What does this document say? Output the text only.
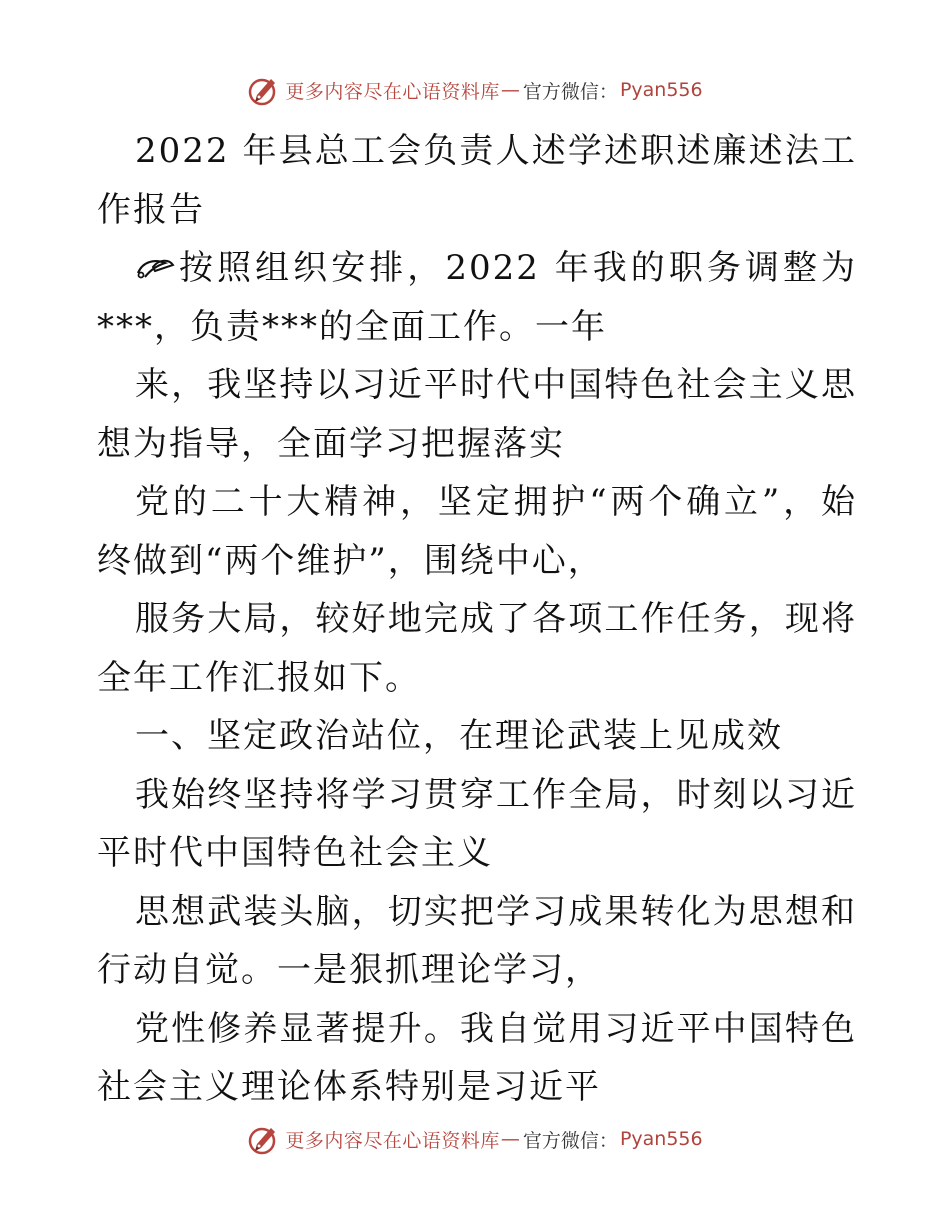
更多内容尽在心语资料库 — 官方微信： Pyan556

2022 年县总工会负责人述学述职述廉述法工作报告

按照组织安排，2022 年我的职务调整为***，负责***的全面工作。一年

来，我坚持以习近平时代中国特色社会主义思想为指导，全面学习把握落实

党的二十大精神，坚定拥护“两个确立”，始终做到“两个维护”，围绕中心，

服务大局，较好地完成了各项工作任务，现将全年工作汇报如下。

一、坚定政治站位，在理论武装上见成效

我始终坚持将学习贯穿工作全局，时刻以习近平时代中国特色社会主义

思想武装头脑，切实把学习成果转化为思想和行动自觉。一是狠抓理论学习，

党性修养显著提升。我自觉用习近平中国特色社会主义理论体系特别是习近平

更多内容尽在心语资料库 — 官方微信： Pyan556
